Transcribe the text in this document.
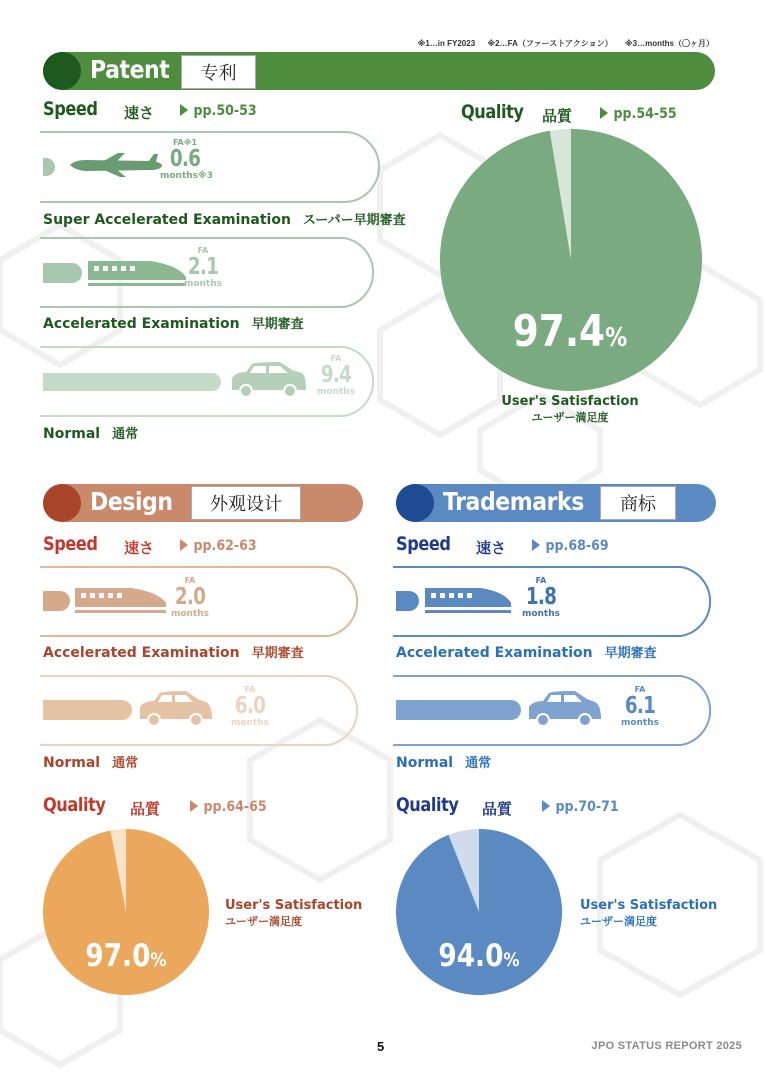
※1…in FY2023 ※2…FA（ファーストアクション） ※3…months（〇ヶ月）
Patent	专利
Speed 速さ	pp.50-53
FA※1
0.6
months※3
Super Accelerated Examination スーパー早期審査
FA
2.1
months
Accelerated Examination 早期審査
FA
9.4
months
Normal 通常
Quality 品質	pp.54-55
97.4%
User's Satisfaction
ユーザー満足度
Design	外观设计
Speed 速さ	pp.62-63
FA
2.0
months
Accelerated Examination 早期審査
FA
6.0
months
Normal 通常
Quality 品質	pp.64-65
97.0%
User's Satisfaction
ユーザー満足度
Trademarks	商标
Speed 速さ	pp.68-69
FA
1.8
months
Accelerated Examination 早期審査
FA
6.1
months
Normal 通常
Quality 品質	pp.70-71
94.0%
User's Satisfaction
ユーザー満足度
5	JPO STATUS REPORT 2025
